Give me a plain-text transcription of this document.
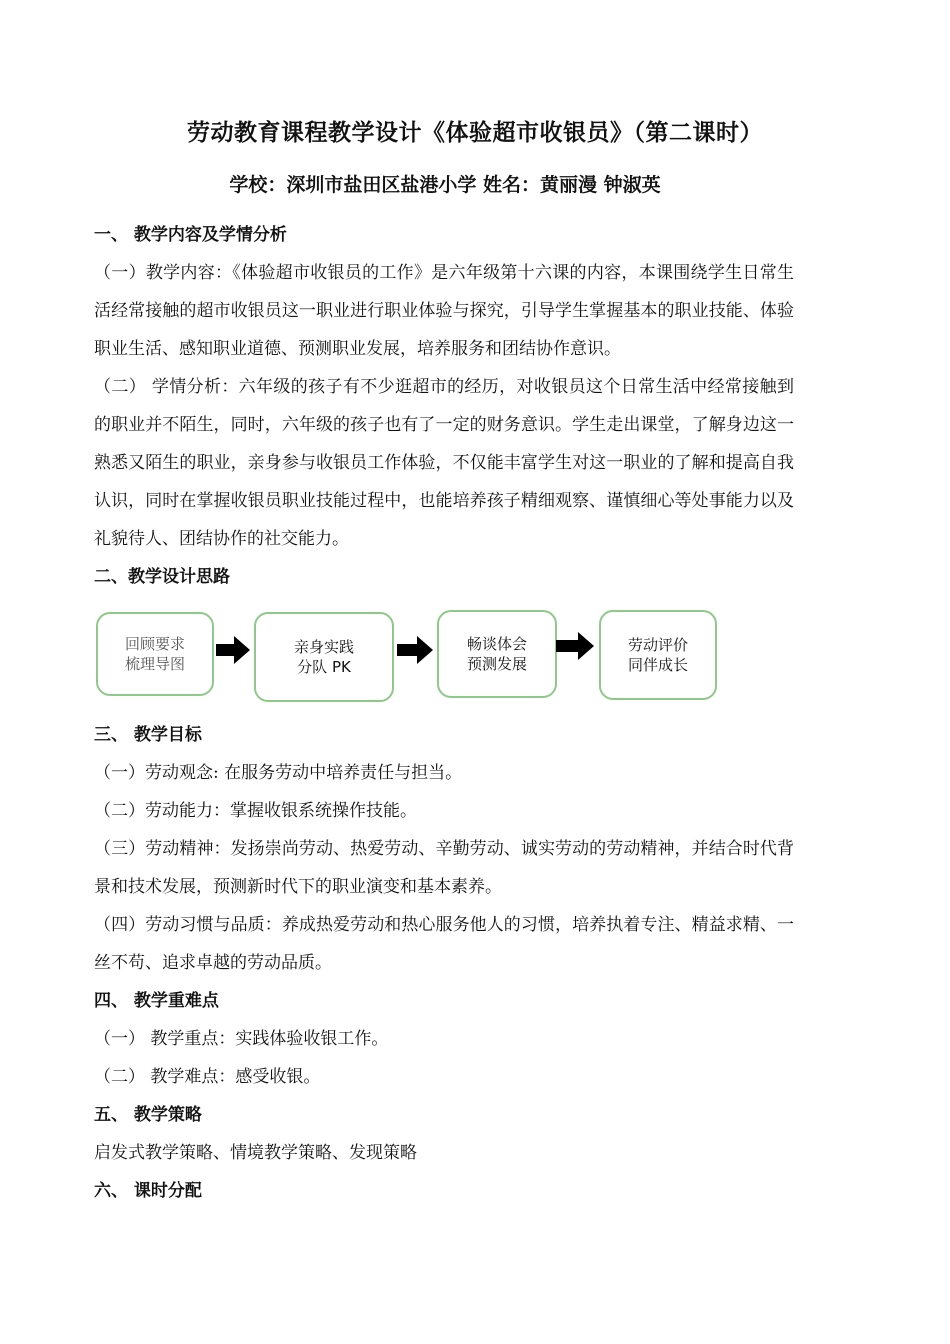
劳动教育课程教学设计《体验超市收银员》（第二课时）
学校：深圳市盐田区盐港小学 姓名：黄丽漫 钟淑英
一、 教学内容及学情分析
（一）教学内容：《体验超市收银员的工作》是六年级第十六课的内容，本课围绕学生日常生活经常接触的超市收银员这一职业进行职业体验与探究，引导学生掌握基本的职业技能、体验职业生活、感知职业道德、预测职业发展，培养服务和团结协作意识。
（二） 学情分析：六年级的孩子有不少逛超市的经历，对收银员这个日常生活中经常接触到的职业并不陌生，同时，六年级的孩子也有了一定的财务意识。学生走出课堂，了解身边这一熟悉又陌生的职业，亲身参与收银员工作体验，不仅能丰富学生对这一职业的了解和提高自我认识，同时在掌握收银员职业技能过程中，也能培养孩子精细观察、谨慎细心等处事能力以及礼貌待人、团结协作的社交能力。
二、教学设计思路
回顾要求
梳理导图
亲身实践
分队 PK
畅谈体会
预测发展
劳动评价
同伴成长
三、 教学目标
（一）劳动观念: 在服务劳动中培养责任与担当。
（二）劳动能力：掌握收银系统操作技能。
（三）劳动精神：发扬崇尚劳动、热爱劳动、辛勤劳动、诚实劳动的劳动精神，并结合时代背景和技术发展，预测新时代下的职业演变和基本素养。
（四）劳动习惯与品质：养成热爱劳动和热心服务他人的习惯，培养执着专注、精益求精、一丝不苟、追求卓越的劳动品质。
四、 教学重难点
（一） 教学重点：实践体验收银工作。
（二） 教学难点：感受收银。
五、 教学策略
启发式教学策略、情境教学策略、发现策略
六、 课时分配
